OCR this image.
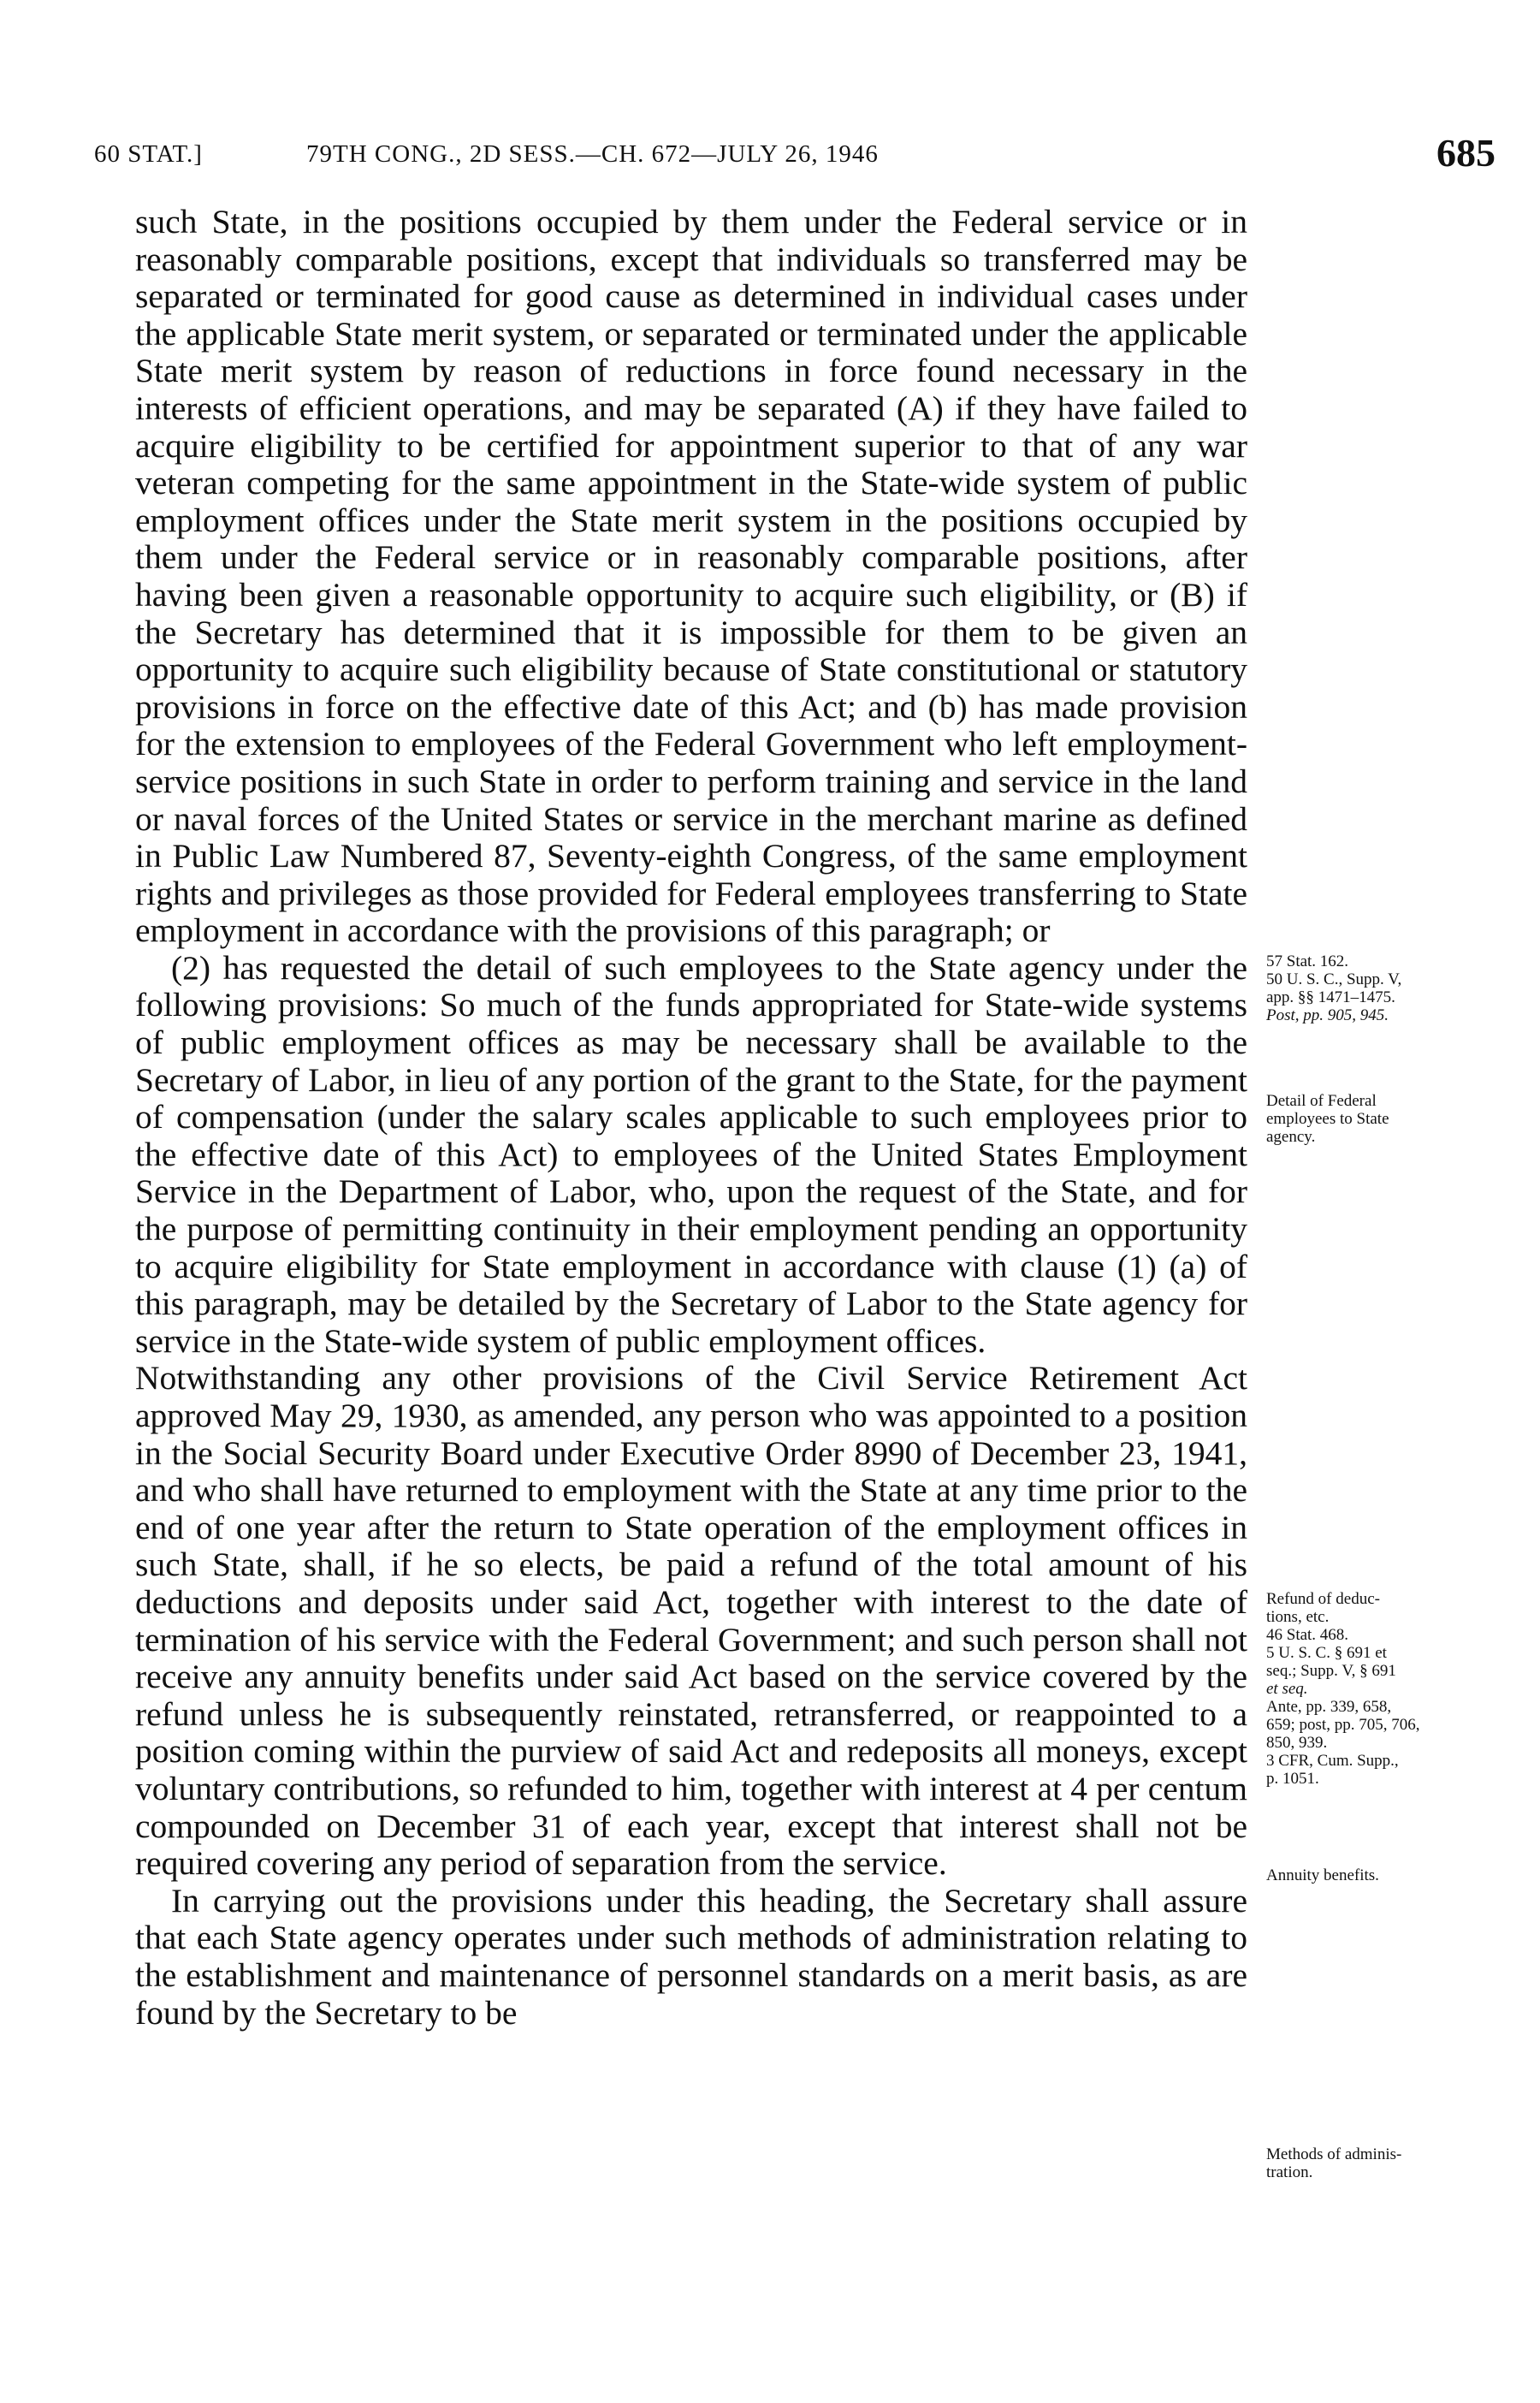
60 STAT.]	79TH CONG., 2D SESS.—CH. 672—JULY 26, 1946	685

such State, in the positions occupied by them under the Federal service or in reasonably comparable positions, except that individuals so transferred may be separated or terminated for good cause as determined in individual cases under the applicable State merit system, or separated or terminated under the applicable State merit system by reason of reductions in force found necessary in the interests of efficient operations, and may be separated (A) if they have failed to acquire eligibility to be certified for appointment superior to that of any war veteran competing for the same appointment in the State-wide system of public employment offices under the State merit system in the positions occupied by them under the Federal service or in reasonably comparable positions, after having been given a reasonable opportunity to acquire such eligibility, or (B) if the Secretary has determined that it is impossible for them to be given an opportunity to acquire such eligibility because of State constitutional or statutory provisions in force on the effective date of this Act; and (b) has made provision for the extension to employees of the Federal Government who left employment-service positions in such State in order to perform training and service in the land or naval forces of the United States or service in the merchant marine as defined in Public Law Numbered 87, Seventy-eighth Congress, of the same employment rights and privileges as those provided for Federal employees transferring to State employment in accordance with the provisions of this paragraph; or

(2) has requested the detail of such employees to the State agency under the following provisions: So much of the funds appropriated for State-wide systems of public employment offices as may be necessary shall be available to the Secretary of Labor, in lieu of any portion of the grant to the State, for the payment of compensation (under the salary scales applicable to such employees prior to the effective date of this Act) to employees of the United States Employment Service in the Department of Labor, who, upon the request of the State, and for the purpose of permitting continuity in their employment pending an opportunity to acquire eligibility for State employment in accordance with clause (1) (a) of this paragraph, may be detailed by the Secretary of Labor to the State agency for service in the State-wide system of public employment offices.

Notwithstanding any other provisions of the Civil Service Retirement Act approved May 29, 1930, as amended, any person who was appointed to a position in the Social Security Board under Executive Order 8990 of December 23, 1941, and who shall have returned to employment with the State at any time prior to the end of one year after the return to State operation of the employment offices in such State, shall, if he so elects, be paid a refund of the total amount of his deductions and deposits under said Act, together with interest to the date of termination of his service with the Federal Government; and such person shall not receive any annuity benefits under said Act based on the service covered by the refund unless he is subsequently reinstated, retransferred, or reappointed to a position coming within the purview of said Act and redeposits all moneys, except voluntary contributions, so refunded to him, together with interest at 4 per centum compounded on December 31 of each year, except that interest shall not be required covering any period of separation from the service.

In carrying out the provisions under this heading, the Secretary shall assure that each State agency operates under such methods of administration relating to the establishment and maintenance of personnel standards on a merit basis, as are found by the Secretary to be

57 Stat. 162.
50 U. S. C., Supp. V,
app. §§ 1471–1475.
Post, pp. 905, 945.
Detail of Federal
employees to State
agency.
Refund of deduc-
tions, etc.
46 Stat. 468.
5 U. S. C. § 691 et
seq.; Supp. V, § 691
et seq.
Ante, pp. 339, 658,
659; post, pp. 705, 706,
850, 939.
3 CFR, Cum. Supp.,
p. 1051.
Annuity benefits.
Methods of adminis-
tration.
